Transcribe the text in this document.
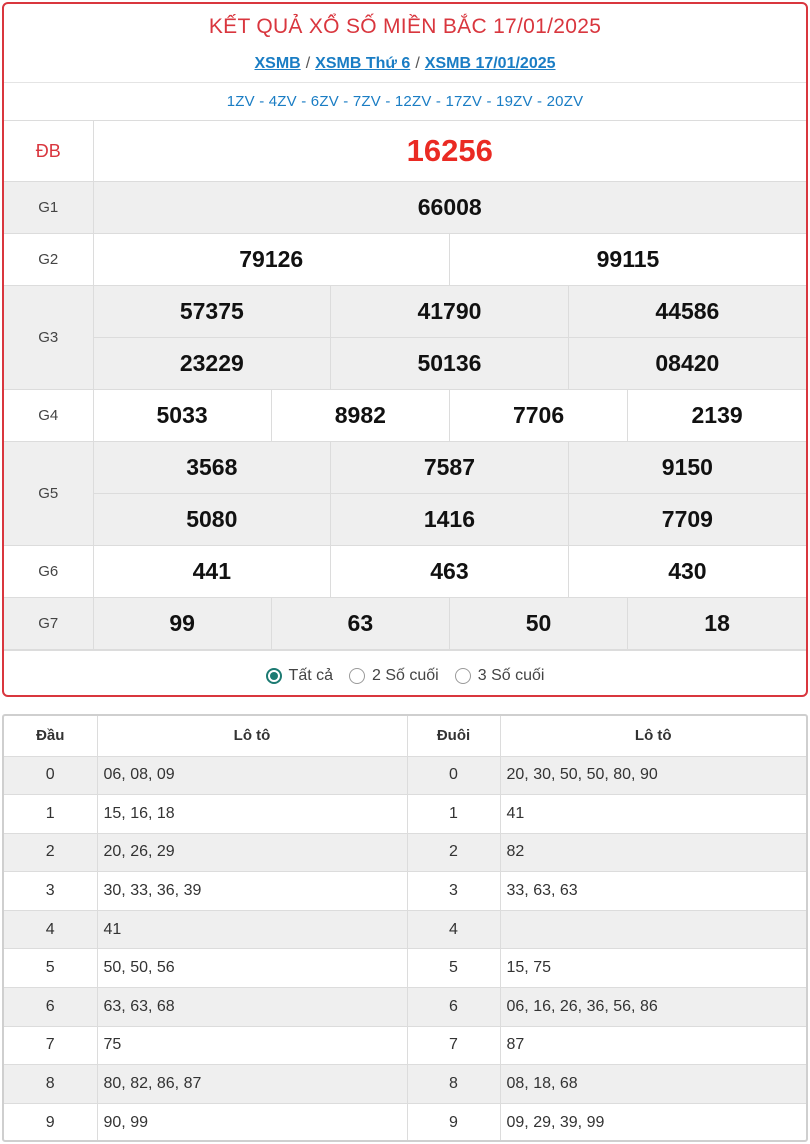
KẾT QUẢ XỔ SỐ MIỀN BẮC 17/01/2025
XSMB / XSMB Thứ 6 / XSMB 17/01/2025
1ZV - 4ZV - 6ZV - 7ZV - 12ZV - 17ZV - 19ZV - 20ZV
ĐB	16256					
G1	66008					
G2	79126			99115		
G3	57375		41790		44586	
	23229		50136		08420	
G4	5033	8982		7706		2139
G5	3568		7587		9150	
	5080		1416		7709	
G6	441		463		430	
G7	99	63		50		18
Tất cả 2 Số cuối 3 Số cuối
Đầu	Lô tô	Đuôi	Lô tô
0	06, 08, 09	0	20, 30, 50, 50, 80, 90
1	15, 16, 18	1	41
2	20, 26, 29	2	82
3	30, 33, 36, 39	3	33, 63, 63
4	41	4	
5	50, 50, 56	5	15, 75
6	63, 63, 68	6	06, 16, 26, 36, 56, 86
7	75	7	87
8	80, 82, 86, 87	8	08, 18, 68
9	90, 99	9	09, 29, 39, 99
